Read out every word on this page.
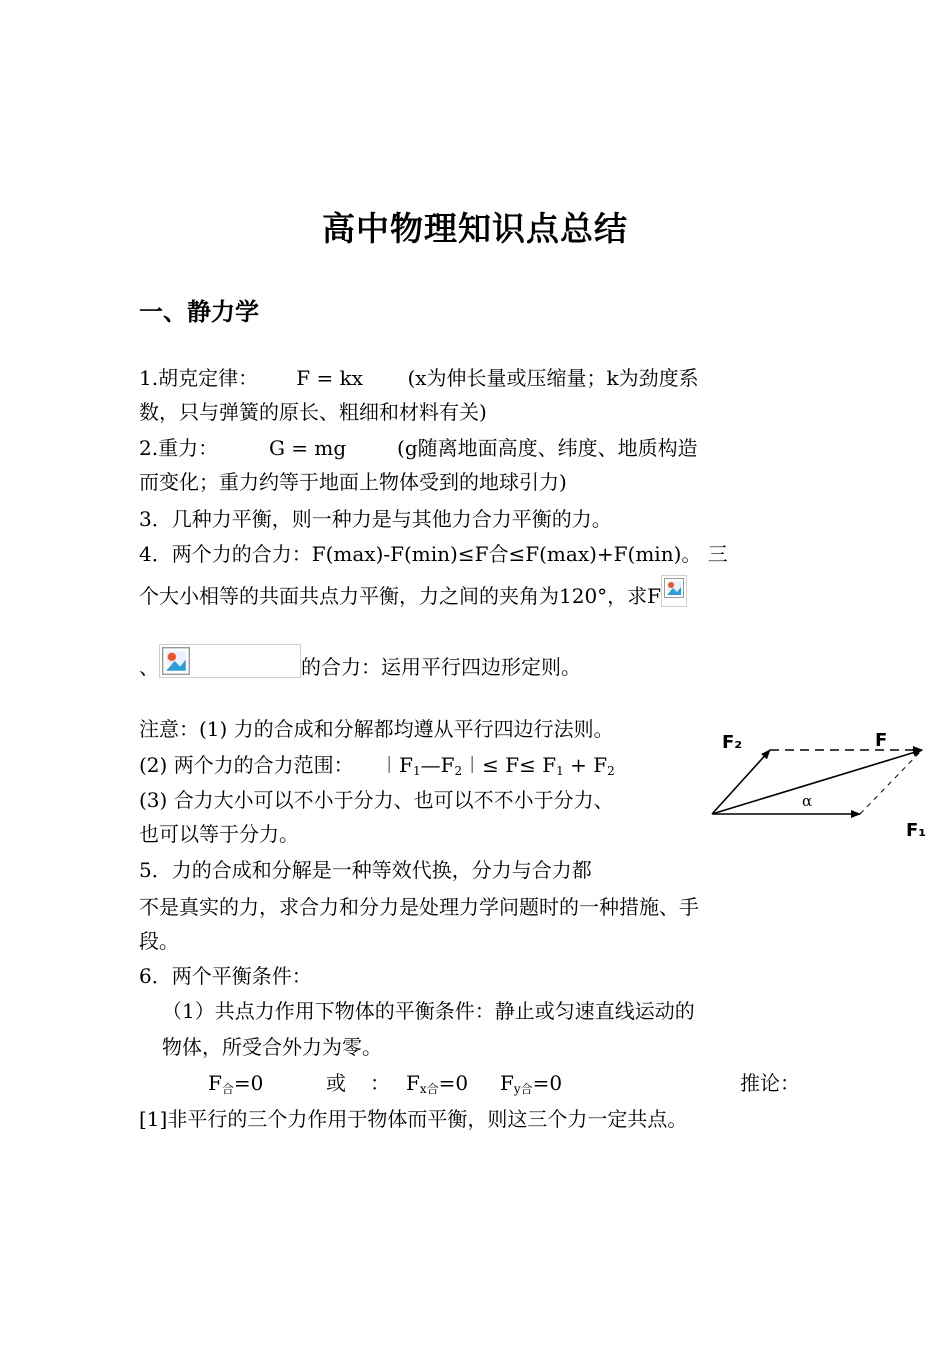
高中物理知识点总结
一、静力学
1.胡克定律：      F = kx       (x为伸长量或压缩量；k为劲度系
数，只与弹簧的原长、粗细和材料有关)
2.重力：        G = mg        (g随离地面高度、纬度、地质构造
而变化；重力约等于地面上物体受到的地球引力)
3．几种力平衡，则一种力是与其他力合力平衡的力。
4．两个力的合力：F(max)-F(min)≤F合≤F(max)+F(min)。 三
个大小相等的共面共点力平衡，力之间的夹角为120°，求F
、	的合力：运用平行四边形定则。
注意：(1) 力的合成和分解都均遵从平行四边行法则。
(2) 两个力的合力范围：    $︱F_1—F_2︱\le F\le F_1 + F_2$
(3) 合力大小可以不小于分力、也可以不不小于分力、
也可以等于分力。
5．力的合成和分解是一种等效代换，分力与合力都
不是真实的力，求合力和分力是处理力学问题时的一种措施、手
段。
6．两个平衡条件：
（1）共点力作用下物体的平衡条件：静止或匀速直线运动的
物体，所受合外力为零。
$F_合=0$	或 ： $F_{x合}=0$ $F_{y合}=0$	推论：
[1]非平行的三个力作用于物体而平衡，则这三个力一定共点。
F₂	F
α
F₁
